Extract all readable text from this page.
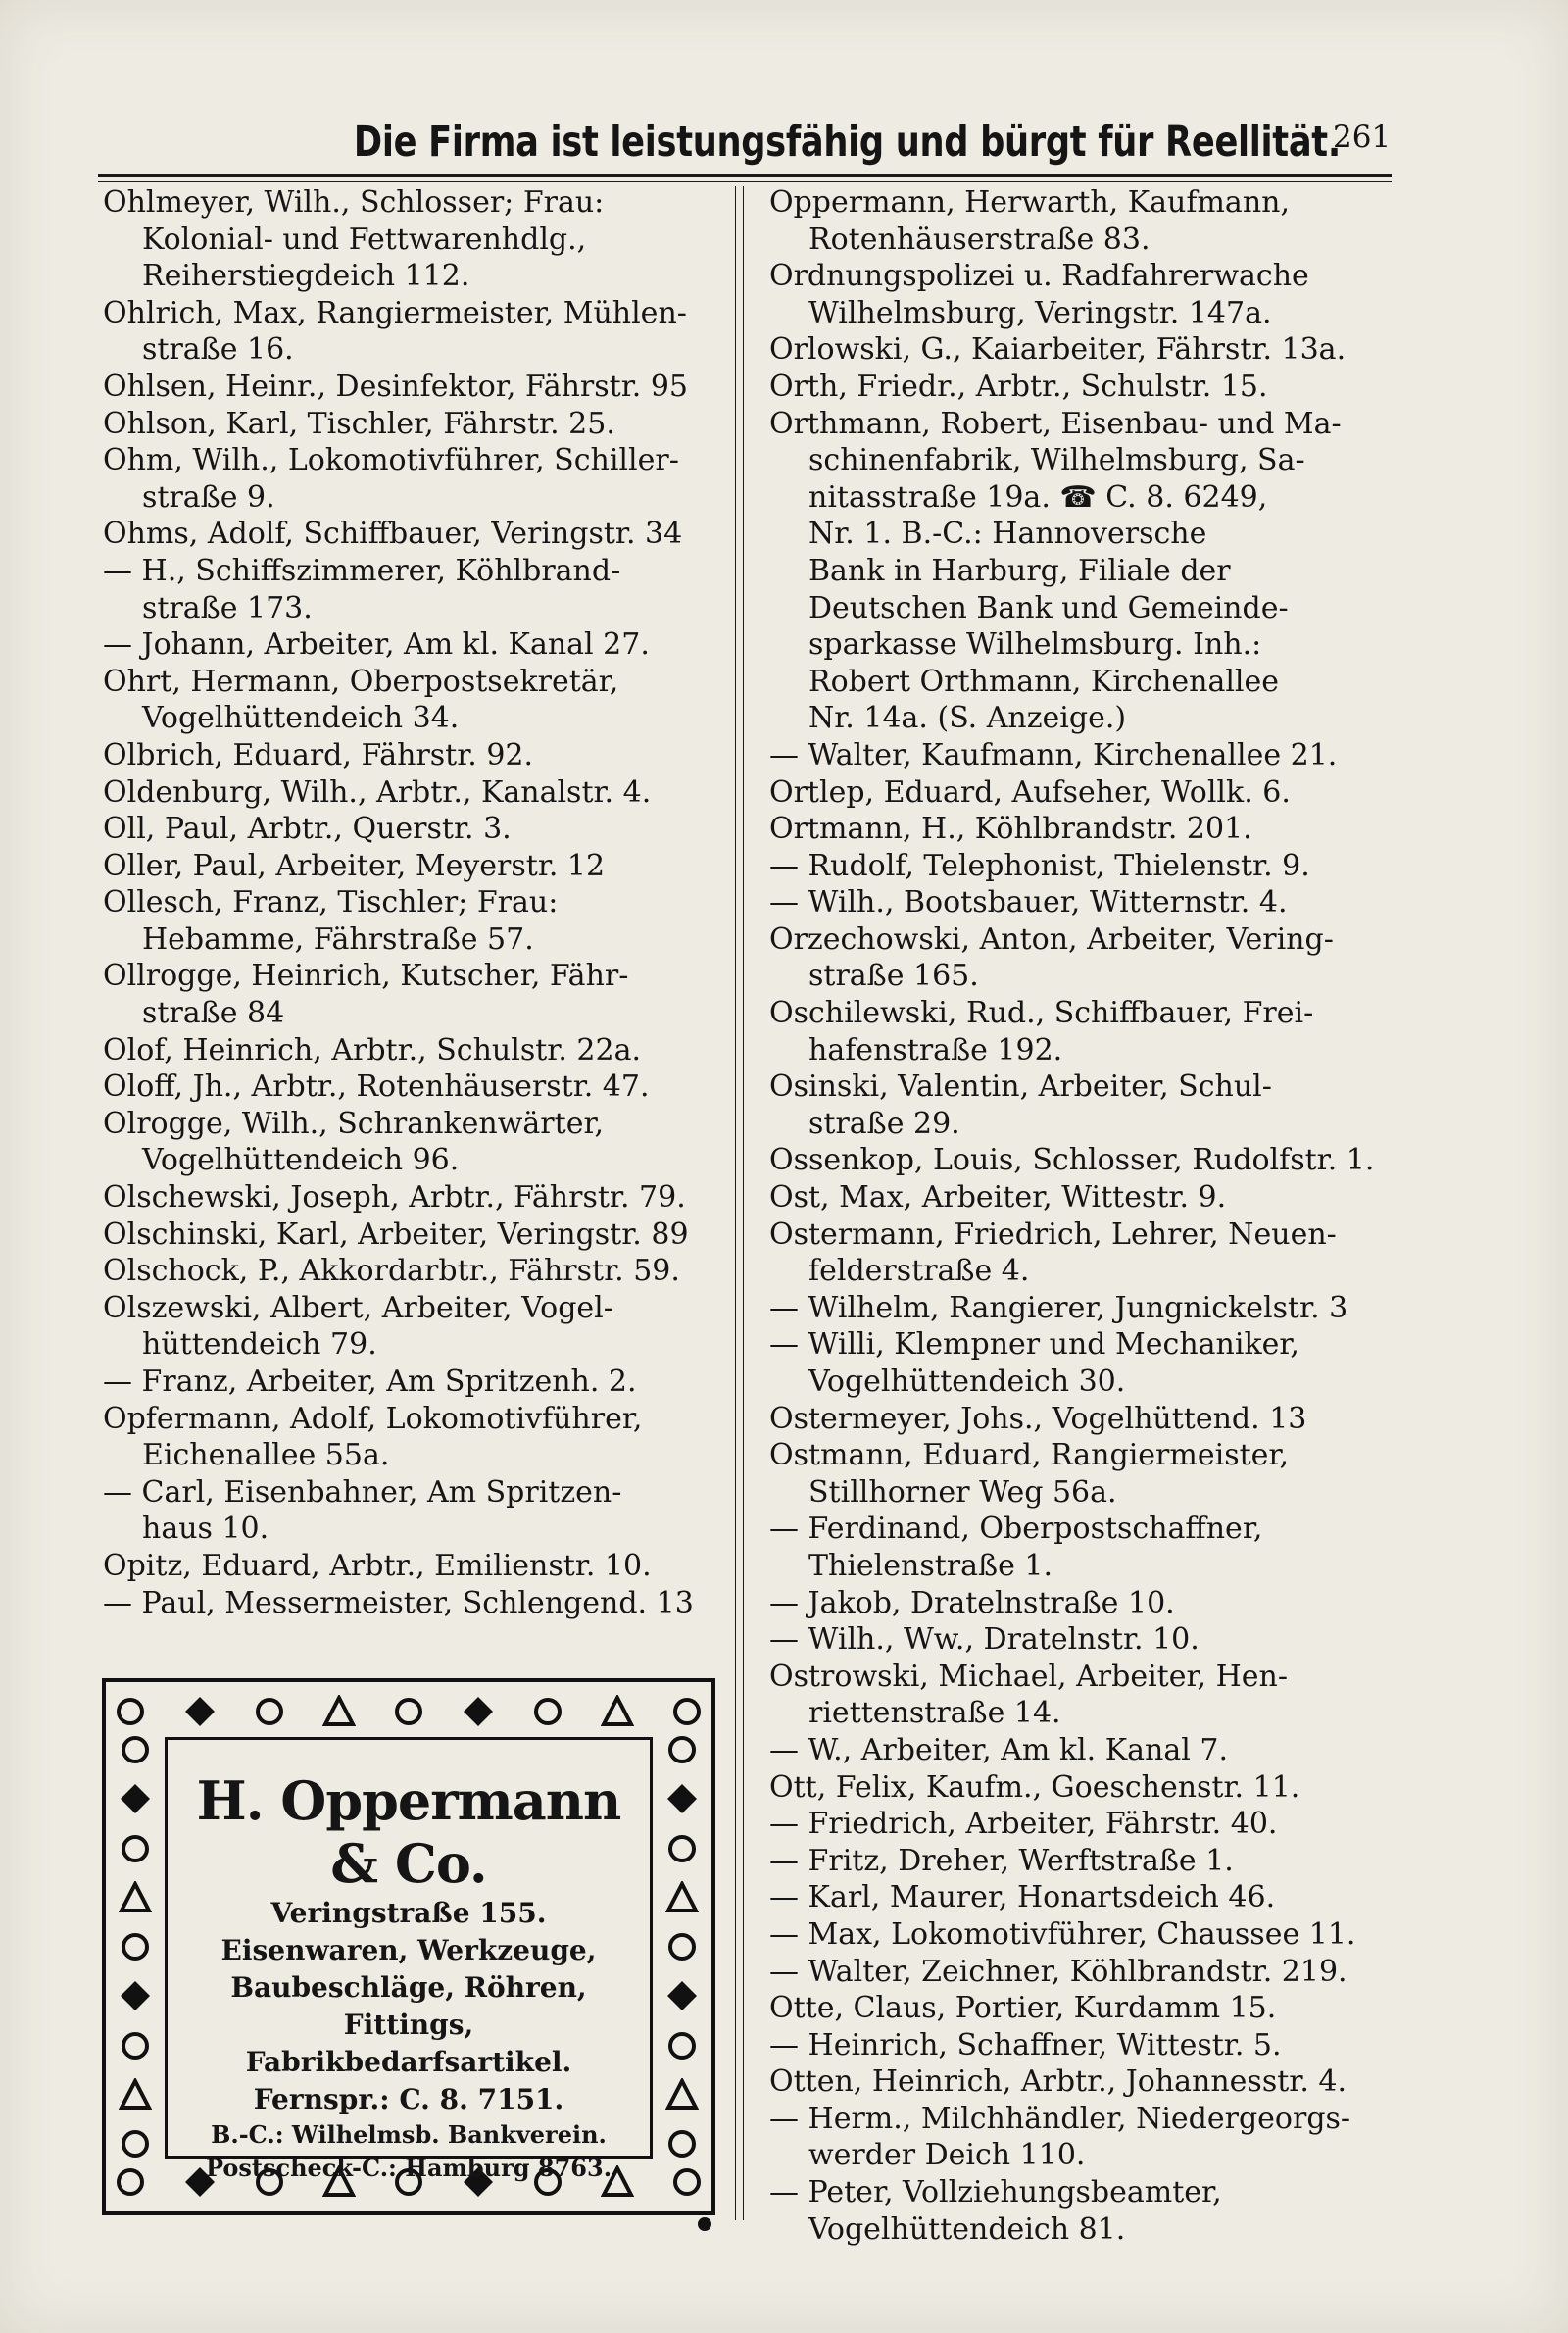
Die Firma ist leistungsfähig und bürgt für Reellität.
261

Ohlmeyer, Wilh., Schlosser; Frau:

Kolonial- und Fettwarenhdlg.,

Reiherstiegdeich 112.

Ohlrich, Max, Rangiermeister, Mühlen-

straße 16.

Ohlsen, Heinr., Desinfektor, Fährstr. 95

Ohlson, Karl, Tischler, Fährstr. 25.

Ohm, Wilh., Lokomotivführer, Schiller-

straße 9.

Ohms, Adolf, Schiffbauer, Veringstr. 34

— H., Schiffszimmerer, Köhlbrand-

straße 173.

— Johann, Arbeiter, Am kl. Kanal 27.

Ohrt, Hermann, Oberpostsekretär,

Vogelhüttendeich 34.

Olbrich, Eduard, Fährstr. 92.

Oldenburg, Wilh., Arbtr., Kanalstr. 4.

Oll, Paul, Arbtr., Querstr. 3.

Oller, Paul, Arbeiter, Meyerstr. 12

Ollesch, Franz, Tischler; Frau:

Hebamme, Fährstraße 57.

Ollrogge, Heinrich, Kutscher, Fähr-

straße 84

Olof, Heinrich, Arbtr., Schulstr. 22a.

Oloff, Jh., Arbtr., Rotenhäuserstr. 47.

Olrogge, Wilh., Schrankenwärter,

Vogelhüttendeich 96.

Olschewski, Joseph, Arbtr., Fährstr. 79.

Olschinski, Karl, Arbeiter, Veringstr. 89

Olschock, P., Akkordarbtr., Fährstr. 59.

Olszewski, Albert, Arbeiter, Vogel-

hüttendeich 79.

— Franz, Arbeiter, Am Spritzenh. 2.

Opfermann, Adolf, Lokomotivführer,

Eichenallee 55a.

— Carl, Eisenbahner, Am Spritzen-

haus 10.

Opitz, Eduard, Arbtr., Emilienstr. 10.

— Paul, Messermeister, Schlengend. 13

Oppermann, Herwarth, Kaufmann,

Rotenhäuserstraße 83.

Ordnungspolizei u. Radfahrerwache

Wilhelmsburg, Veringstr. 147a.

Orlowski, G., Kaiarbeiter, Fährstr. 13a.

Orth, Friedr., Arbtr., Schulstr. 15.

Orthmann, Robert, Eisenbau- und Ma-

schinenfabrik, Wilhelmsburg, Sa-

nitasstraße 19a. ☎ C. 8. 6249,

Nr. 1. B.-C.: Hannoversche

Bank in Harburg, Filiale der

Deutschen Bank und Gemeinde-

sparkasse Wilhelmsburg. Inh.:

Robert Orthmann, Kirchenallee

Nr. 14a. (S. Anzeige.)

— Walter, Kaufmann, Kirchenallee 21.

Ortlep, Eduard, Aufseher, Wollk. 6.

Ortmann, H., Köhlbrandstr. 201.

— Rudolf, Telephonist, Thielenstr. 9.

— Wilh., Bootsbauer, Witternstr. 4.

Orzechowski, Anton, Arbeiter, Vering-

straße 165.

Oschilewski, Rud., Schiffbauer, Frei-

hafenstraße 192.

Osinski, Valentin, Arbeiter, Schul-

straße 29.

Ossenkop, Louis, Schlosser, Rudolfstr. 1.

Ost, Max, Arbeiter, Wittestr. 9.

Ostermann, Friedrich, Lehrer, Neuen-

felderstraße 4.

— Wilhelm, Rangierer, Jungnickelstr. 3

— Willi, Klempner und Mechaniker,

Vogelhüttendeich 30.

Ostermeyer, Johs., Vogelhüttend. 13

Ostmann, Eduard, Rangiermeister,

Stillhorner Weg 56a.

— Ferdinand, Oberpostschaffner,

Thielenstraße 1.

— Jakob, Dratelnstraße 10.

— Wilh., Ww., Dratelnstr. 10.

Ostrowski, Michael, Arbeiter, Hen-

riettenstraße 14.

— W., Arbeiter, Am kl. Kanal 7.

Ott, Felix, Kaufm., Goeschenstr. 11.

— Friedrich, Arbeiter, Fährstr. 40.

— Fritz, Dreher, Werftstraße 1.

— Karl, Maurer, Honartsdeich 46.

— Max, Lokomotivführer, Chaussee 11.

— Walter, Zeichner, Köhlbrandstr. 219.

Otte, Claus, Portier, Kurdamm 15.

— Heinrich, Schaffner, Wittestr. 5.

Otten, Heinrich, Arbtr., Johannesstr. 4.

— Herm., Milchhändler, Niedergeorgs-

werder Deich 110.

— Peter, Vollziehungsbeamter,

Vogelhüttendeich 81.

H. Oppermann & Co.
Veringstraße 155.
Eisenwaren, Werkzeuge,
Baubeschläge, Röhren,
Fittings,
Fabrikbedarfsartikel.
Fernspr.: C. 8. 7151.
B.-C.: Wilhelmsb. Bankverein.
Postscheck-C.: Hamburg 8763.
